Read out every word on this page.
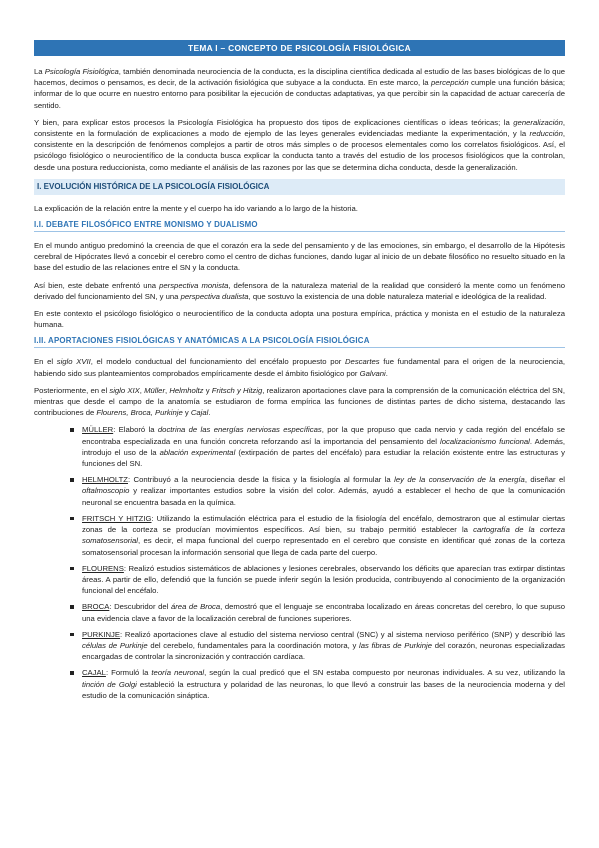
TEMA I – CONCEPTO DE PSICOLOGÍA FISIOLÓGICA

La Psicología Fisiológica, también denominada neurociencia de la conducta, es la disciplina científica dedicada al estudio de las bases biológicas de lo que hacemos, decimos o pensamos, es decir, de la activación fisiológica que subyace a la conducta. En este marco, la percepción cumple una función básica; informar de lo que ocurre en nuestro entorno para posibilitar la ejecución de conductas adaptativas, ya que percibir sin la capacidad de actuar carecería de sentido.

Y bien, para explicar estos procesos la Psicología Fisiológica ha propuesto dos tipos de explicaciones científicas o ideas teóricas; la generalización, consistente en la formulación de explicaciones a modo de ejemplo de las leyes generales evidenciadas mediante la experimentación, y la reducción, consistente en la descripción de fenómenos complejos a partir de otros más simples o de procesos elementales como los correlatos fisiológicos. Así, el psicólogo fisiológico o neurocientífico de la conducta busca explicar la conducta tanto a través del estudio de los procesos fisiológicos que la controlan, desde una postura reduccionista, como mediante el análisis de las razones por las que se determina dicha conducta, desde la generalización.

I. EVOLUCIÓN HISTÓRICA DE LA PSICOLOGÍA FISIOLÓGICA

La explicación de la relación entre la mente y el cuerpo ha ido variando a lo largo de la historia.

I.I. DEBATE FILOSÓFICO ENTRE MONISMO Y DUALISMO

En el mundo antiguo predominó la creencia de que el corazón era la sede del pensamiento y de las emociones, sin embargo, el desarrollo de la Hipótesis cerebral de Hipócrates llevó a concebir el cerebro como el centro de dichas funciones, dando lugar al inicio de un debate filosófico no resuelto situado en la base del estudio de las relaciones entre el SN y la conducta.

Así bien, este debate enfrentó una perspectiva monista, defensora de la naturaleza material de la realidad que consideró la mente como un fenómeno derivado del funcionamiento del SN, y una perspectiva dualista, que sostuvo la existencia de una doble naturaleza material e ideológica de la realidad.

En este contexto el psicólogo fisiológico o neurocientífico de la conducta adopta una postura empírica, práctica y monista en el estudio de la naturaleza humana.

I.II. APORTACIONES FISIOLÓGICAS Y ANATÓMICAS A LA PSICOLOGÍA FISIOLÓGICA

En el siglo XVII, el modelo conductual del funcionamiento del encéfalo propuesto por Descartes fue fundamental para el origen de la neurociencia, habiendo sido sus planteamientos comprobados empíricamente desde el ámbito fisiológico por Galvani.

Posteriormente, en el siglo XIX, Müller, Helmholtz y Fritsch y Hitzig, realizaron aportaciones clave para la comprensión de la comunicación eléctrica del SN, mientras que desde el campo de la anatomía se estudiaron de forma empírica las funciones de distintas partes de dicho sistema, destacando las contribuciones de Flourens, Broca, Purkinje y Cajal.

MÜLLER: Elaboró la doctrina de las energías nerviosas específicas, por la que propuso que cada nervio y cada región del encéfalo se encontraba especializada en una función concreta reforzando así la importancia del pensamiento del localizacionismo funcional. Además, introdujo el uso de la ablación experimental (extirpación de partes del encéfalo) para estudiar la relación existente entre las estructuras y funciones del SN.
HELMHOLTZ: Contribuyó a la neurociencia desde la física y la fisiología al formular la ley de la conservación de la energía, diseñar el oftalmoscopio y realizar importantes estudios sobre la visión del color. Además, ayudó a establecer el hecho de que la comunicación neuronal se encuentra basada en la química.
FRITSCH Y HITZIG: Utilizando la estimulación eléctrica para el estudio de la fisiología del encéfalo, demostraron que al estimular ciertas zonas de la corteza se producían movimientos específicos. Así bien, su trabajo permitió establecer la cartografía de la corteza somatosensorial, es decir, el mapa funcional del cuerpo representado en el cerebro que consiste en identificar qué zonas de la corteza somatosensorial procesan la información sensorial que llega de cada parte del cuerpo.
FLOURENS: Realizó estudios sistemáticos de ablaciones y lesiones cerebrales, observando los déficits que aparecían tras extirpar distintas áreas. A partir de ello, defendió que la función se puede inferir según la lesión producida, contribuyendo al conocimiento de la organización funcional del encéfalo.
BROCA: Descubridor del área de Broca, demostró que el lenguaje se encontraba localizado en áreas concretas del cerebro, lo que supuso una evidencia clave a favor de la localización cerebral de funciones superiores.
PURKINJE: Realizó aportaciones clave al estudio del sistema nervioso central (SNC) y al sistema nervioso periférico (SNP) y describió las células de Purkinje del cerebelo, fundamentales para la coordinación motora, y las fibras de Purkinje del corazón, neuronas especializadas encargadas de controlar la sincronización y contracción cardíaca.
CAJAL: Formuló la teoría neuronal, según la cual predicó que el SN estaba compuesto por neuronas individuales. A su vez, utilizando la tinción de Golgi estableció la estructura y polaridad de las neuronas, lo que llevó a construir las bases de la neurociencia moderna y del estudio de la comunicación sináptica.
